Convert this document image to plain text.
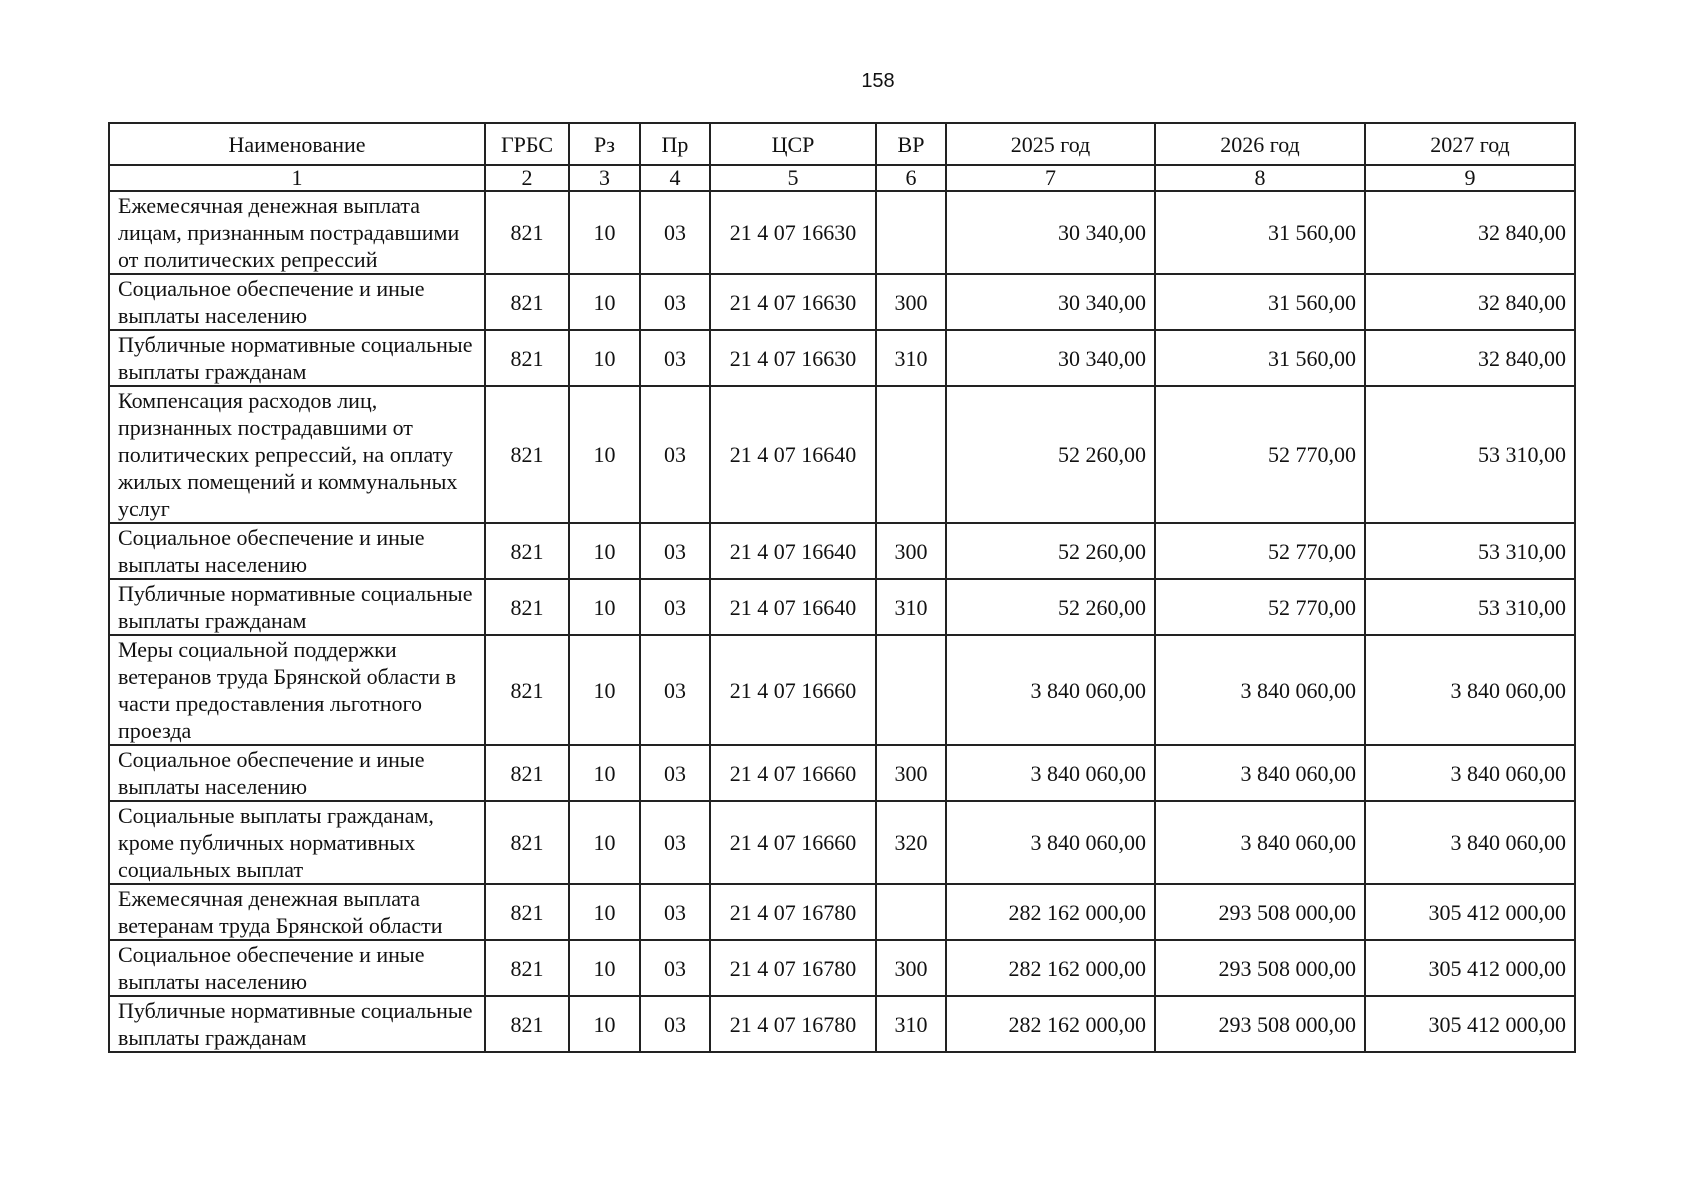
158
Наименование	ГРБС	Рз	Пр	ЦСР	ВР	2025 год	2026 год	2027 год
1	2	3	4	5	6	7	8	9
Ежемесячная денежная выплата лицам, признанным пострадавшими от политических репрессий	821	10	03	21 4 07 16630		30 340,00	31 560,00	32 840,00
Социальное обеспечение и иные выплаты населению	821	10	03	21 4 07 16630	300	30 340,00	31 560,00	32 840,00
Публичные нормативные социальные выплаты гражданам	821	10	03	21 4 07 16630	310	30 340,00	31 560,00	32 840,00
Компенсация расходов лиц, признанных пострадавшими от политических репрессий, на оплату жилых помещений и коммунальных услуг	821	10	03	21 4 07 16640		52 260,00	52 770,00	53 310,00
Социальное обеспечение и иные выплаты населению	821	10	03	21 4 07 16640	300	52 260,00	52 770,00	53 310,00
Публичные нормативные социальные выплаты гражданам	821	10	03	21 4 07 16640	310	52 260,00	52 770,00	53 310,00
Меры социальной поддержки ветеранов труда Брянской области в части предоставления льготного проезда	821	10	03	21 4 07 16660		3 840 060,00	3 840 060,00	3 840 060,00
Социальное обеспечение и иные выплаты населению	821	10	03	21 4 07 16660	300	3 840 060,00	3 840 060,00	3 840 060,00
Социальные выплаты гражданам, кроме публичных нормативных социальных выплат	821	10	03	21 4 07 16660	320	3 840 060,00	3 840 060,00	3 840 060,00
Ежемесячная денежная выплата ветеранам труда Брянской области	821	10	03	21 4 07 16780		282 162 000,00	293 508 000,00	305 412 000,00
Социальное обеспечение и иные выплаты населению	821	10	03	21 4 07 16780	300	282 162 000,00	293 508 000,00	305 412 000,00
Публичные нормативные социальные выплаты гражданам	821	10	03	21 4 07 16780	310	282 162 000,00	293 508 000,00	305 412 000,00
